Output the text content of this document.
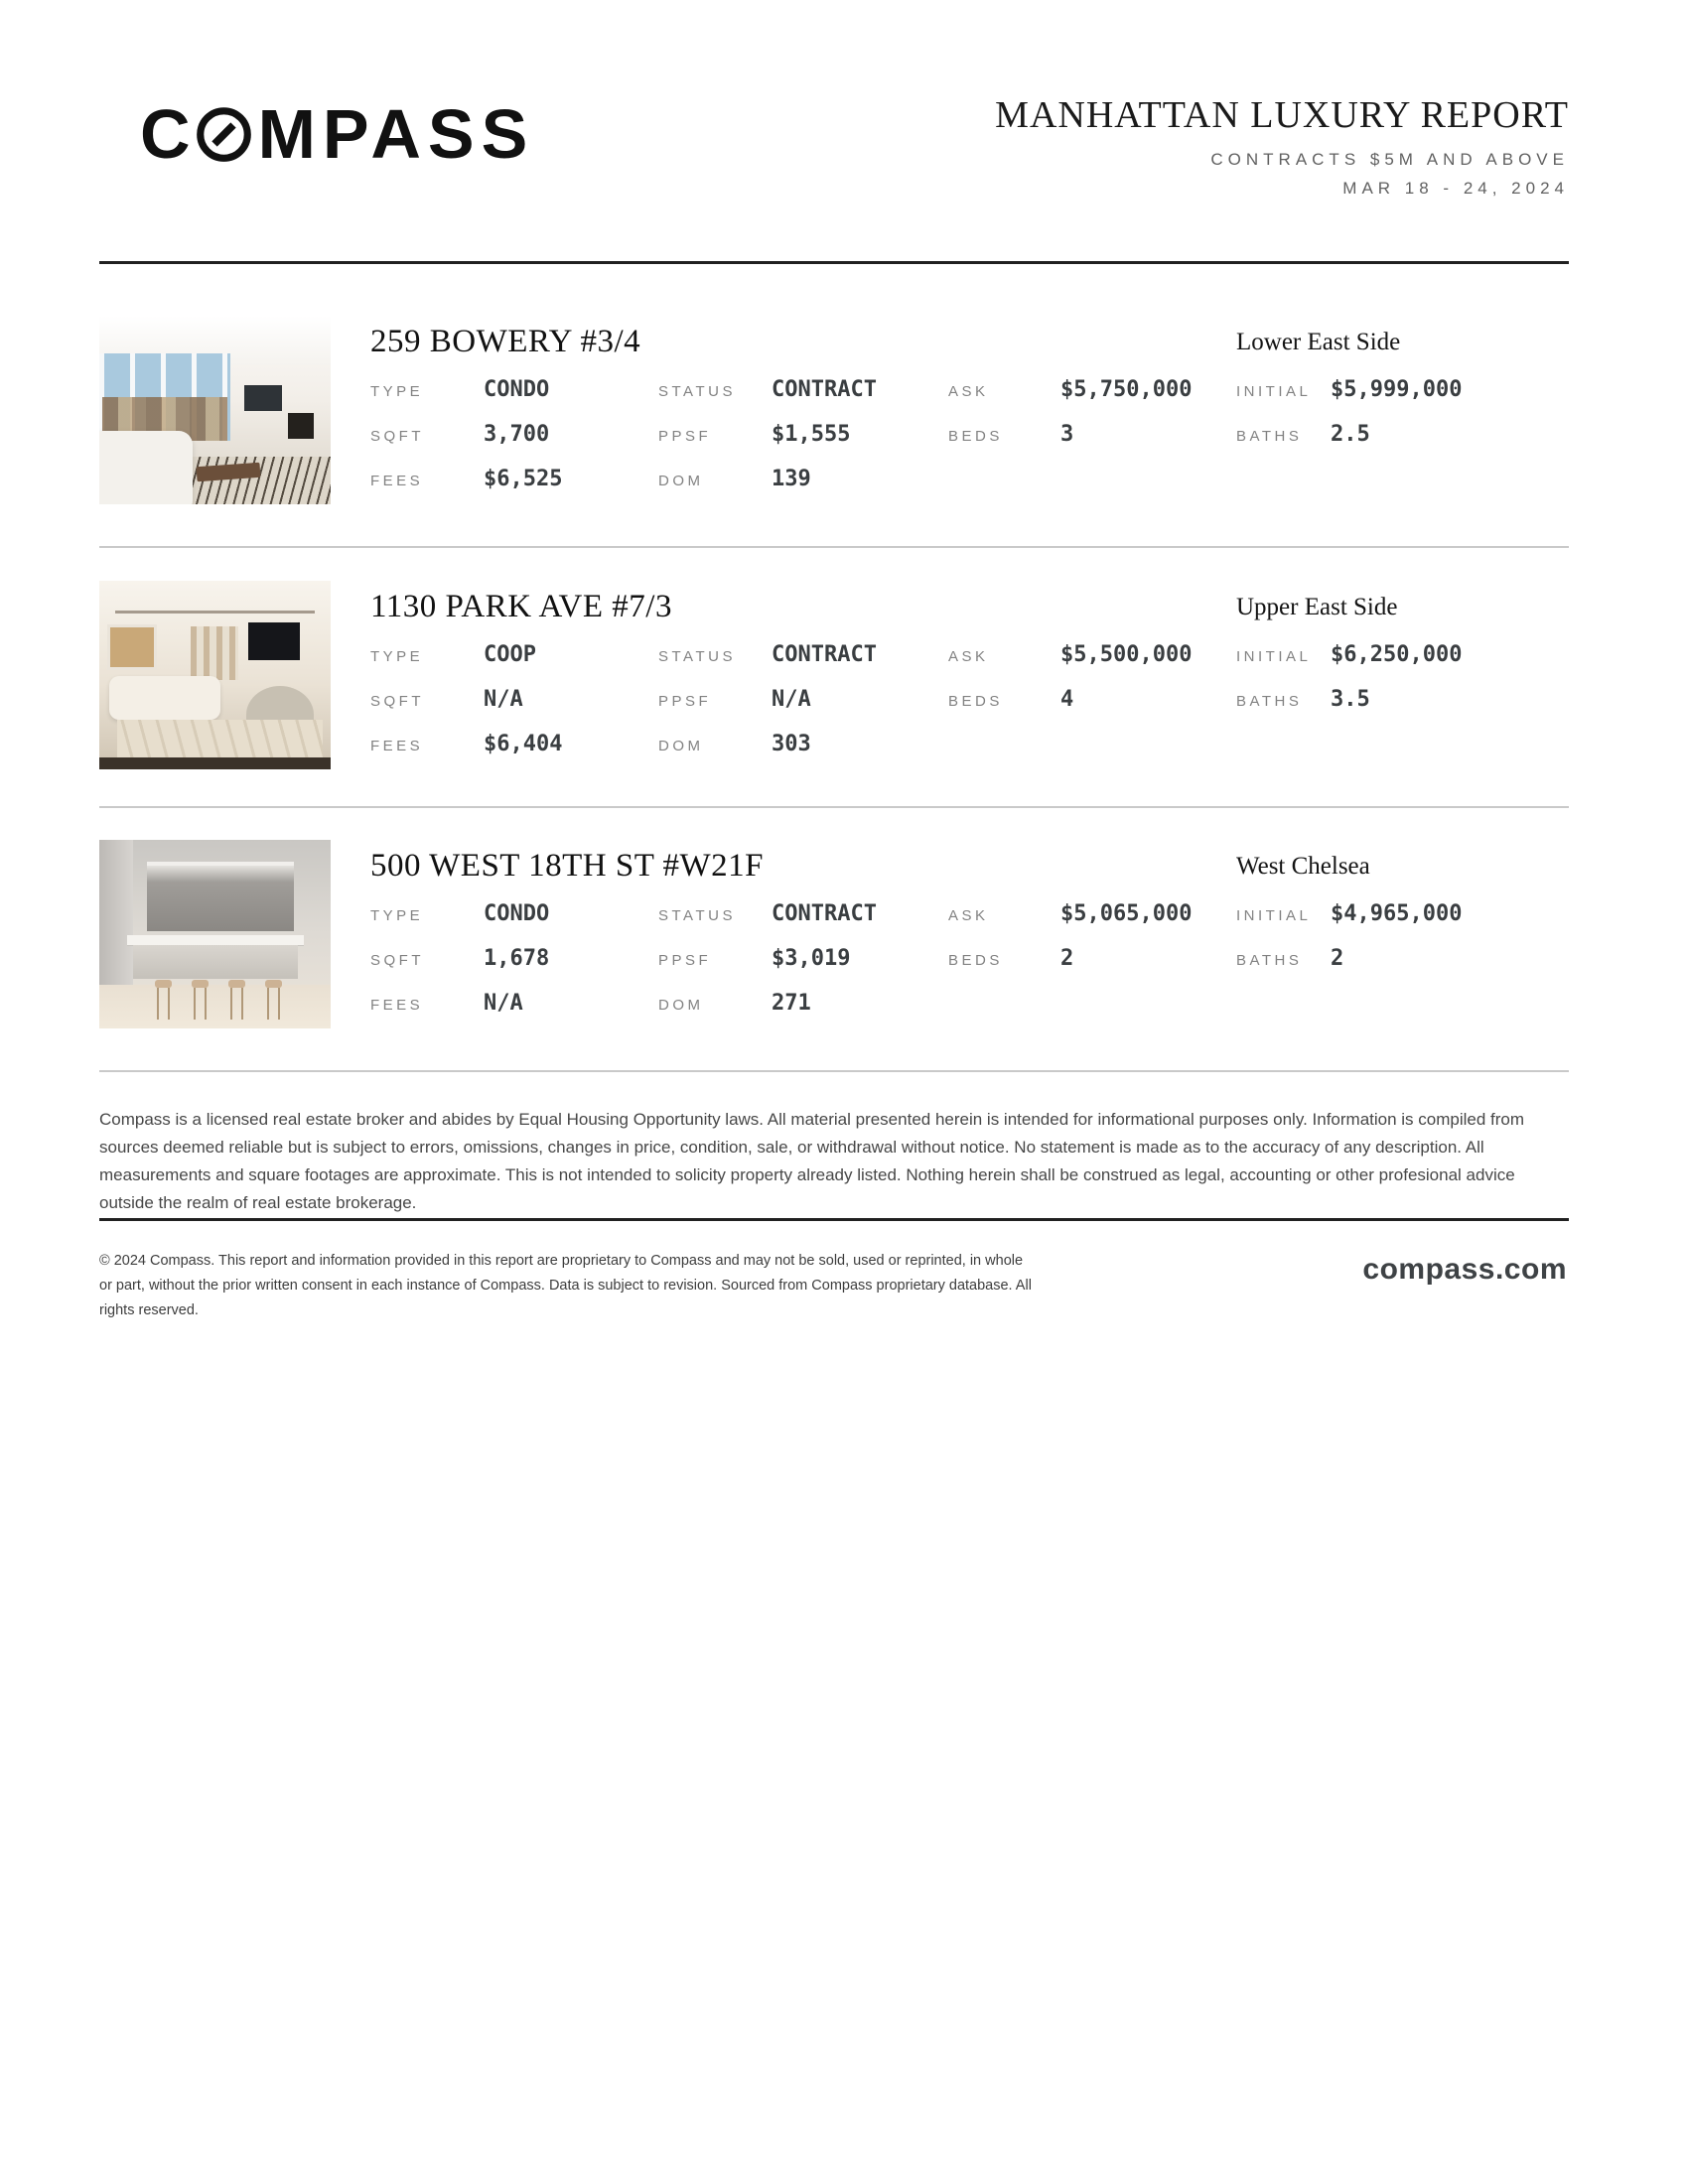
C MPASS	MANHATTAN LUXURY REPORT
CONTRACTS $5M AND ABOVE
MAR 18 - 24, 2024
259 BOWERY #3/4	Lower East Side
TYPE	CONDO	STATUS	CONTRACT	ASK	$5,750,000	INITIAL $5,999,000
SQFT	3,700	PPSF	$1,555	BEDS	3	BATHS	2.5
FEES	$6,525	DOM	139
1130 PARK AVE #7/3	Upper East Side
TYPE	COOP	STATUS	CONTRACT	ASK	$5,500,000	INITIAL $6,250,000
SQFT	N/A	PPSF	N/A	BEDS	4	BATHS	3.5
FEES	$6,404	DOM	303
500 WEST 18TH ST #W21F	West Chelsea
TYPE	CONDO	STATUS	CONTRACT	ASK	$5,065,000	INITIAL $4,965,000
SQFT	1,678	PPSF	$3,019	BEDS	2	BATHS	2
FEES	N/A	DOM	271
Compass is a licensed real estate broker and abides by Equal Housing Opportunity laws. All material presented herein is intended for informational purposes only. Information is compiled from sources deemed reliable but is subject to errors, omissions, changes in price, condition, sale, or withdrawal without notice. No statement is made as to the accuracy of any description. All measurements and square footages are approximate. This is not intended to solicity property already listed. Nothing herein shall be construed as legal, accounting or other profesional advice outside the realm of real estate brokerage.
© 2024 Compass. This report and information provided in this report are proprietary to Compass and may not be sold, used or reprinted, in whole or part, without the prior written consent in each instance of Compass. Data is subject to revision. Sourced from Compass proprietary database. All rights reserved.
compass.com
